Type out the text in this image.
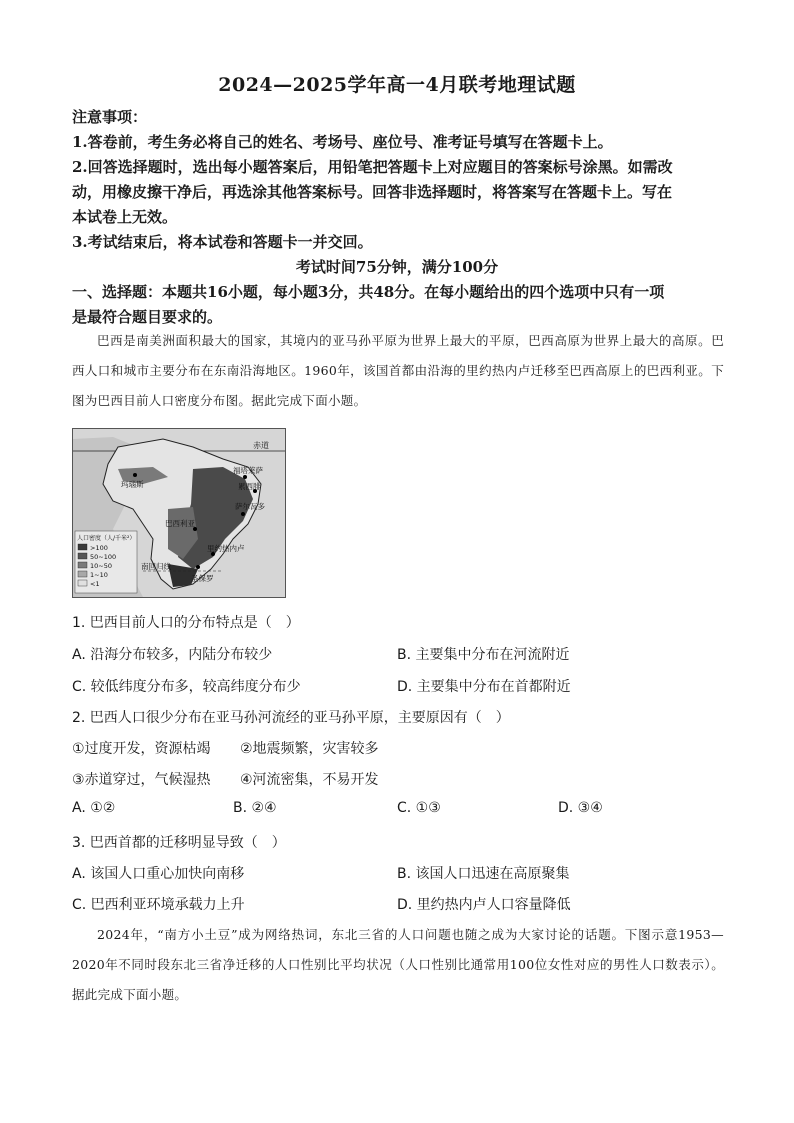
2024—2025学年高一4月联考地理试题
注意事项：
1.答卷前，考生务必将自己的姓名、考场号、座位号、准考证号填写在答题卡上。
2.回答选择题时，选出每小题答案后，用铅笔把答题卡上对应题目的答案标号涂黑。如需改
动，用橡皮擦干净后，再选涂其他答案标号。回答非选择题时，将答案写在答题卡上。写在
本试卷上无效。
3.考试结束后，将本试卷和答题卡一并交回。
考试时间75分钟，满分100分
一、选择题：本题共16小题，每小题3分，共48分。在每小题给出的四个选项中只有一项
是最符合题目要求的。
巴西是南美洲面积最大的国家，其境内的亚马孙平原为世界上最大的平原，巴西高原为世界上最大的高原。巴西人口和城市主要分布在东南沿海地区。1960年，该国首都由沿海的里约热内卢迁移至巴西高原上的巴西利亚。下图为巴西目前人口密度分布图。据此完成下面小题。
赤道
福塔莱萨
累西腓
萨尔瓦多
玛瑙斯
巴西利亚
里约热内卢
圣保罗
南回归线
人口密度（人/千米²）
>100
50~100
10~50
1~10
<1
1. 巴西目前人口的分布特点是（　）
A. 沿海分布较多，内陆分布较少	B. 主要集中分布在河流附近
C. 较低纬度分布多，较高纬度分布少	D. 主要集中分布在首都附近
2. 巴西人口很少分布在亚马孙河流经的亚马孙平原，主要原因有（　）
①过度开发，资源枯竭 ②地震频繁，灾害较多
③赤道穿过，气候湿热 ④河流密集，不易开发
A. ①②	B. ②④	C. ①③	D. ③④
3. 巴西首都的迁移明显导致（　）
A. 该国人口重心加快向南移	B. 该国人口迅速在高原聚集
C. 巴西利亚环境承载力上升	D. 里约热内卢人口容量降低
2024年，“南方小土豆”成为网络热词，东北三省的人口问题也随之成为大家讨论的话题。下图示意1953—2020年不同时段东北三省净迁移的人口性别比平均状况（人口性别比通常用100位女性对应的男性人口数表示）。据此完成下面小题。
